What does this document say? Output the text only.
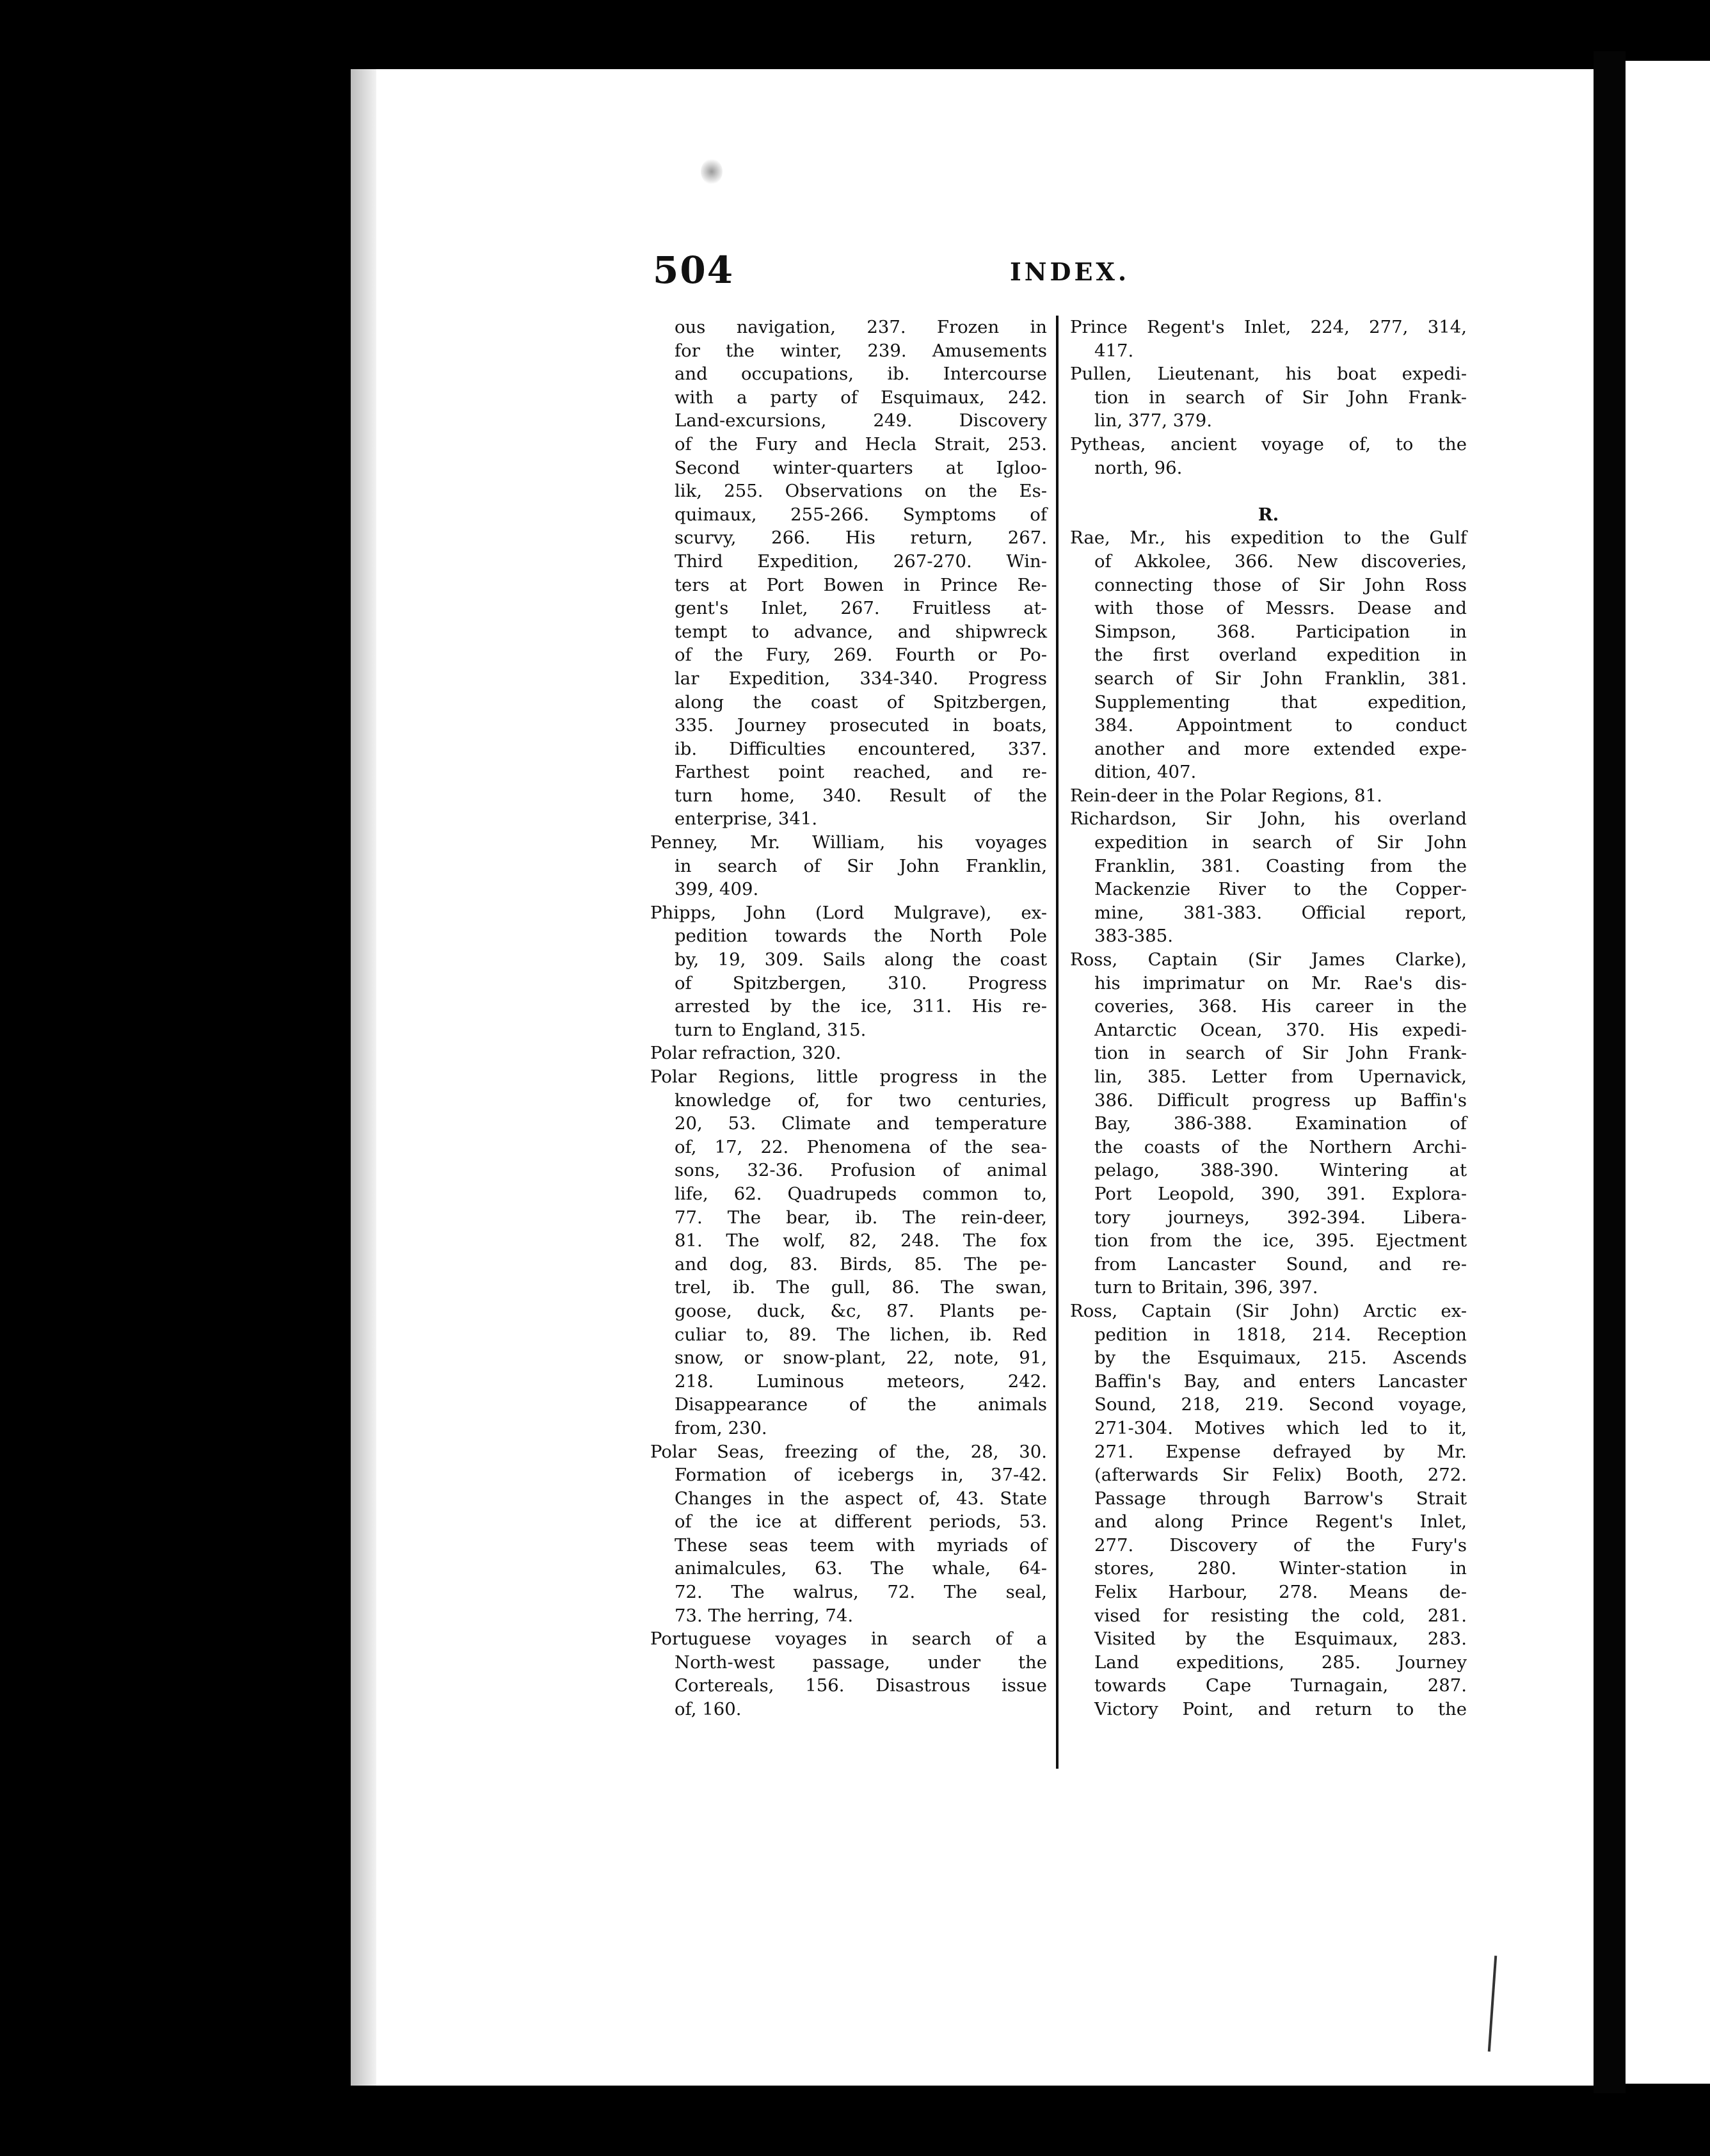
504	INDEX.
ous navigation, 237. Frozen in
for the winter, 239. Amusements
and occupations, ib. Intercourse
with a party of Esquimaux, 242.
Land-excursions, 249. Discovery
of the Fury and Hecla Strait, 253.
Second winter-quarters at Igloo-
lik, 255. Observations on the Es-
quimaux, 255-266. Symptoms of
scurvy, 266. His return, 267.
Third Expedition, 267-270. Win-
ters at Port Bowen in Prince Re-
gent's Inlet, 267. Fruitless at-
tempt to advance, and shipwreck
of the Fury, 269. Fourth or Po-
lar Expedition, 334-340. Progress
along the coast of Spitzbergen,
335. Journey prosecuted in boats,
ib. Difficulties encountered, 337.
Farthest point reached, and re-
turn home, 340. Result of the
enterprise, 341.
Penney, Mr. William, his voyages
in search of Sir John Franklin,
399, 409.
Phipps, John (Lord Mulgrave), ex-
pedition towards the North Pole
by, 19, 309. Sails along the coast
of Spitzbergen, 310. Progress
arrested by the ice, 311. His re-
turn to England, 315.
Polar refraction, 320.
Polar Regions, little progress in the
knowledge of, for two centuries,
20, 53. Climate and temperature
of, 17, 22. Phenomena of the sea-
sons, 32-36. Profusion of animal
life, 62. Quadrupeds common to,
77. The bear, ib. The rein-deer,
81. The wolf, 82, 248. The fox
and dog, 83. Birds, 85. The pe-
trel, ib. The gull, 86. The swan,
goose, duck, &c, 87. Plants pe-
culiar to, 89. The lichen, ib. Red
snow, or snow-plant, 22, note, 91,
218. Luminous meteors, 242.
Disappearance of the animals
from, 230.
Polar Seas, freezing of the, 28, 30.
Formation of icebergs in, 37-42.
Changes in the aspect of, 43. State
of the ice at different periods, 53.
These seas teem with myriads of
animalcules, 63. The whale, 64-
72. The walrus, 72. The seal,
73. The herring, 74.
Portuguese voyages in search of a
North-west passage, under the
Cortereals, 156. Disastrous issue
of, 160.
Prince Regent's Inlet, 224, 277, 314,
417.
Pullen, Lieutenant, his boat expedi-
tion in search of Sir John Frank-
lin, 377, 379.
Pytheas, ancient voyage of, to the
north, 96.
R.
Rae, Mr., his expedition to the Gulf
of Akkolee, 366. New discoveries,
connecting those of Sir John Ross
with those of Messrs. Dease and
Simpson, 368. Participation in
the first overland expedition in
search of Sir John Franklin, 381.
Supplementing that expedition,
384. Appointment to conduct
another and more extended expe-
dition, 407.
Rein-deer in the Polar Regions, 81.
Richardson, Sir John, his overland
expedition in search of Sir John
Franklin, 381. Coasting from the
Mackenzie River to the Copper-
mine, 381-383. Official report,
383-385.
Ross, Captain (Sir James Clarke),
his imprimatur on Mr. Rae's dis-
coveries, 368. His career in the
Antarctic Ocean, 370. His expedi-
tion in search of Sir John Frank-
lin, 385. Letter from Upernavick,
386. Difficult progress up Baffin's
Bay, 386-388. Examination of
the coasts of the Northern Archi-
pelago, 388-390. Wintering at
Port Leopold, 390, 391. Explora-
tory journeys, 392-394. Libera-
tion from the ice, 395. Ejectment
from Lancaster Sound, and re-
turn to Britain, 396, 397.
Ross, Captain (Sir John) Arctic ex-
pedition in 1818, 214. Reception
by the Esquimaux, 215. Ascends
Baffin's Bay, and enters Lancaster
Sound, 218, 219. Second voyage,
271-304. Motives which led to it,
271. Expense defrayed by Mr.
(afterwards Sir Felix) Booth, 272.
Passage through Barrow's Strait
and along Prince Regent's Inlet,
277. Discovery of the Fury's
stores, 280. Winter-station in
Felix Harbour, 278. Means de-
vised for resisting the cold, 281.
Visited by the Esquimaux, 283.
Land expeditions, 285. Journey
towards Cape Turnagain, 287.
Victory Point, and return to the
